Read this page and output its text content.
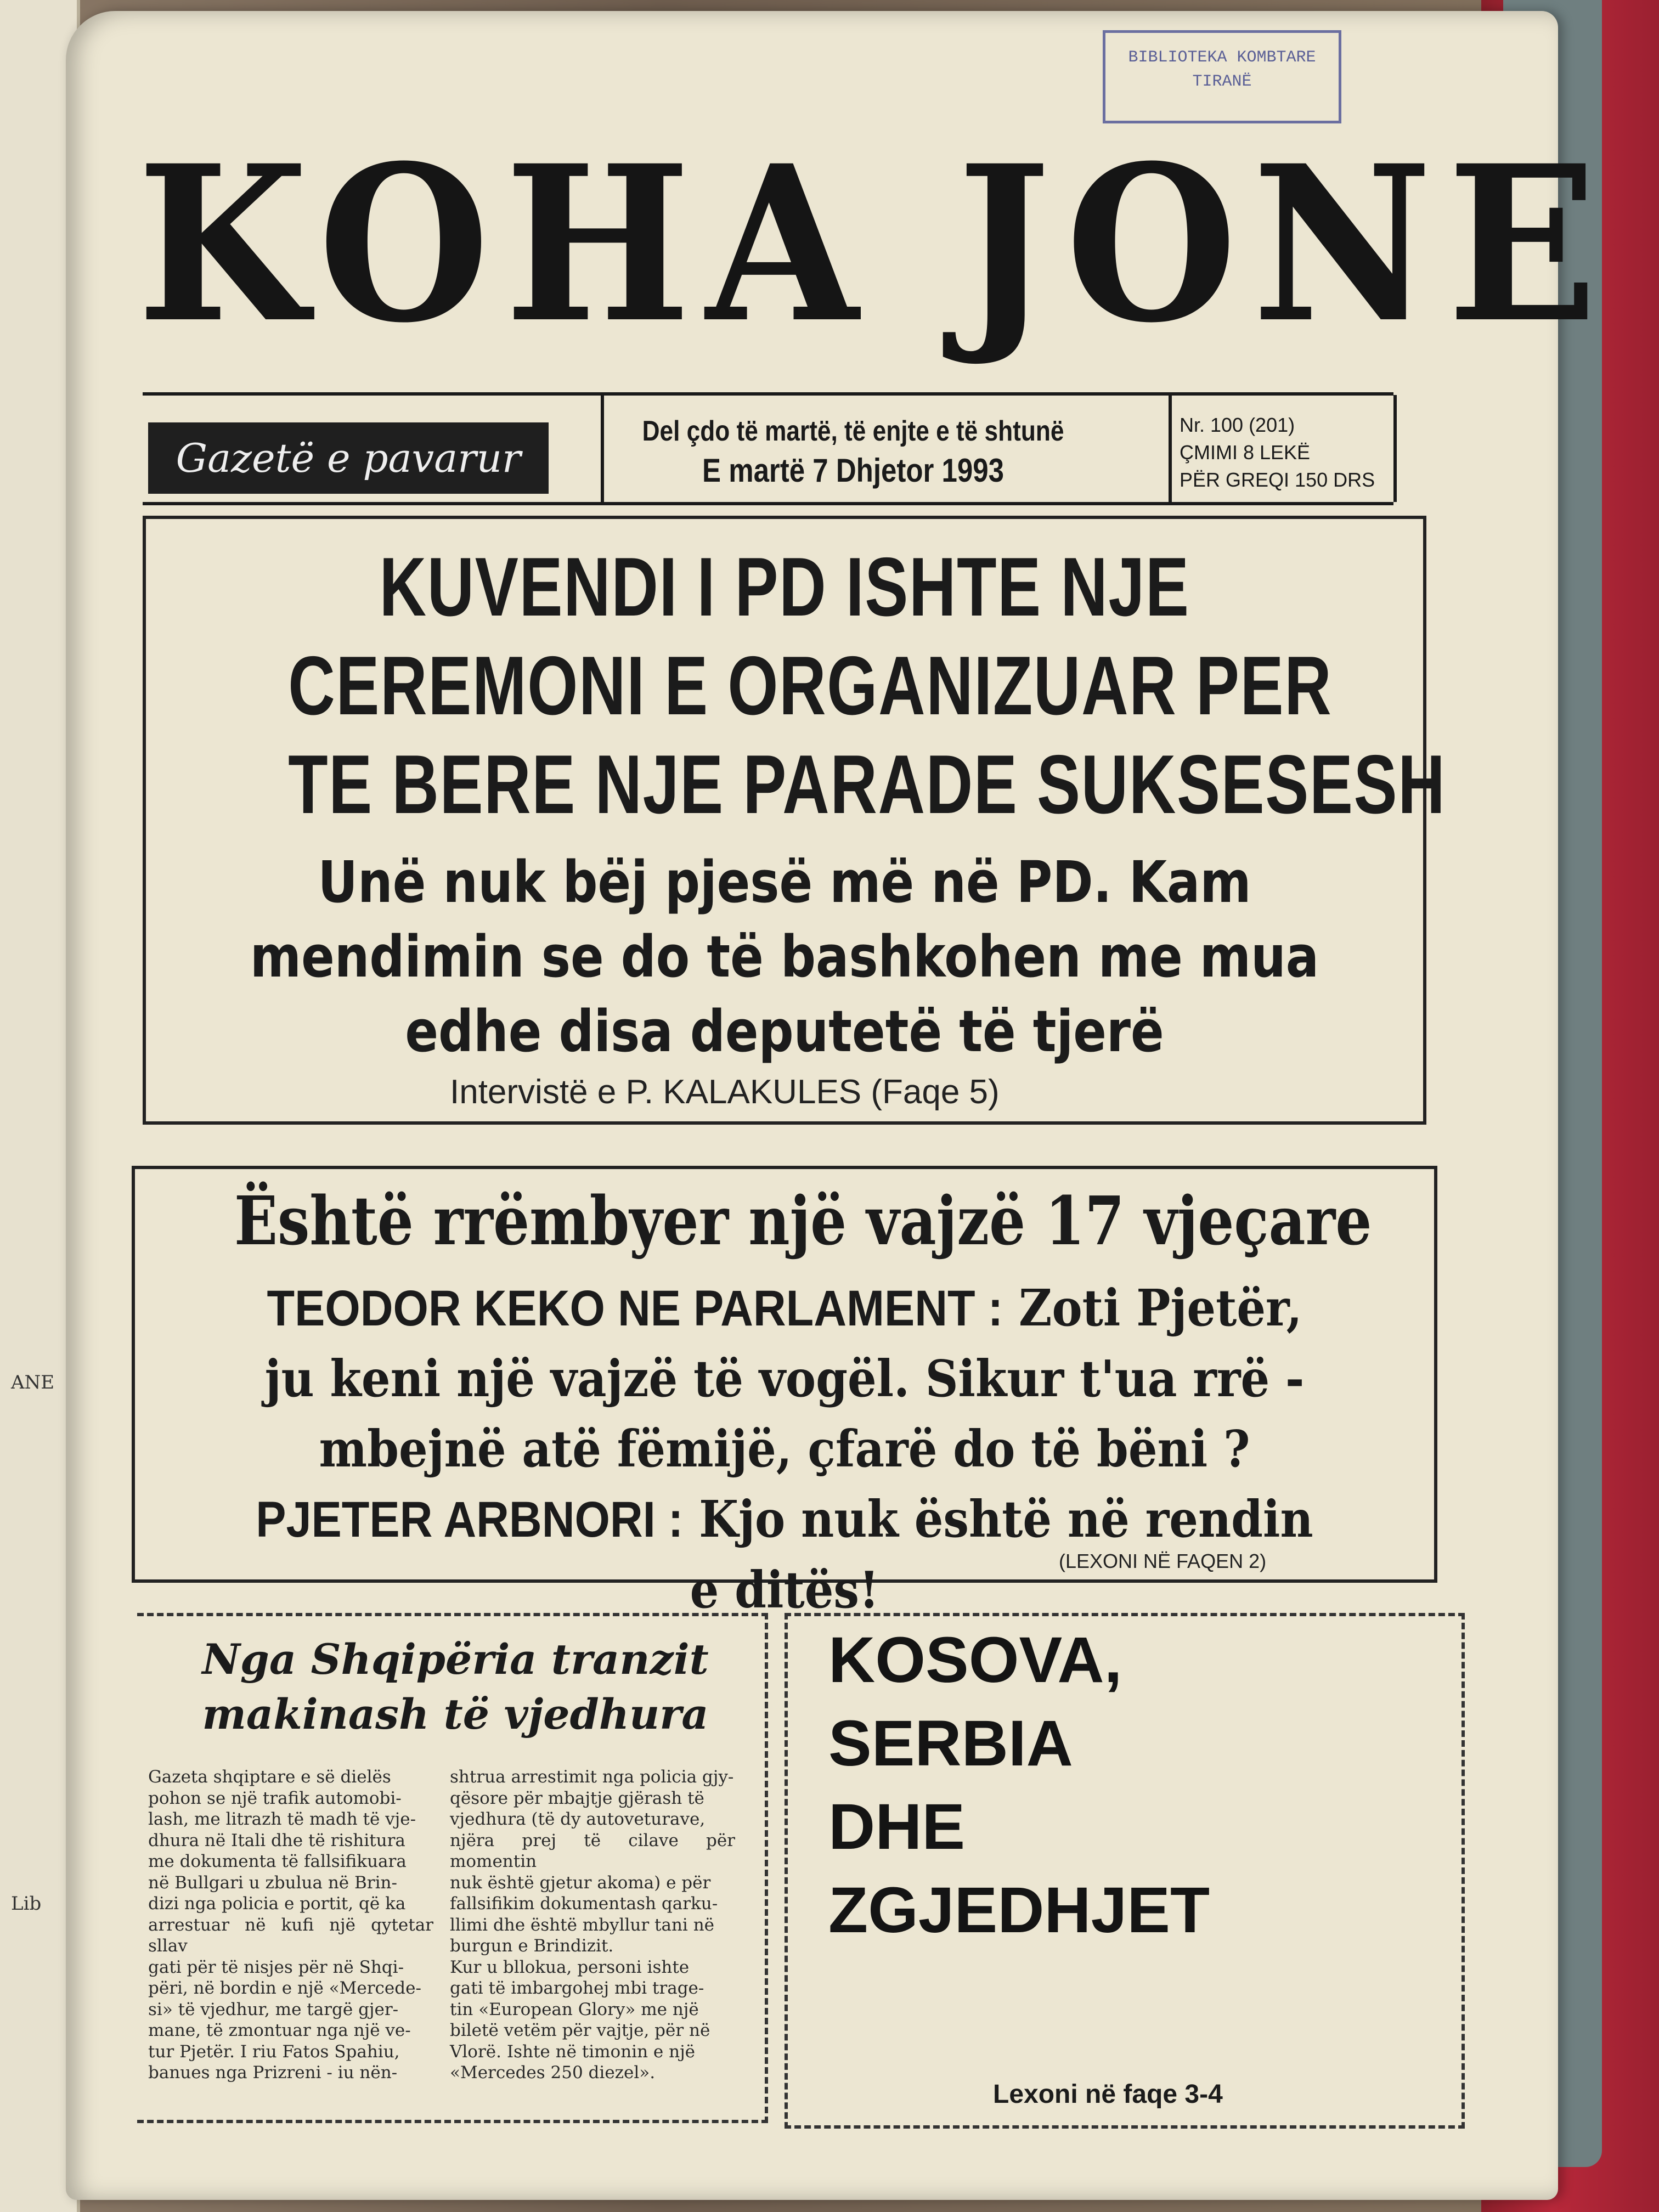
ANE
Lib
BIBLIOTEKA KOMBTARE
TIRANË
KOHA JONE
Gazetë e pavarur
Del çdo të martë, të enjte e të shtunë
E martë 7 Dhjetor 1993
Nr. 100 (201)
ÇMIMI 8 LEKË
PËR GREQI 150 DRS
KUVENDI I PD ISHTE NJE
CEREMONI E ORGANIZUAR PER
TE BERE NJE PARADE SUKSESESH
Unë nuk bëj pjesë më në PD. Kam
mendimin se do të bashkohen me mua
edhe disa deputetë të tjerë
Intervistë e P. KALAKULES (Faqe 5)
Është rrëmbyer një vajzë 17 vjeçare
TEODOR KEKO NE PARLAMENT : Zoti Pjetër,
ju keni një vajzë të vogël. Sikur t'ua rrë -
mbejnë atë fëmijë, çfarë do të bëni ?
PJETER ARBNORI : Kjo nuk është në rendin
e ditës!	(LEXONI NË FAQEN 2)
Nga Shqipëria tranzit
makinash të vjedhura
Gazeta shqiptare e së dielës
pohon se një trafik automobi-
lash, me litrazh të madh të vje-
dhura në Itali dhe të rishitura
me dokumenta të fallsifikuara
në Bullgari u zbulua në Brin-
dizi nga policia e portit, që ka
arrestuar në kufi një qytetar sllav
gati për të nisjes për në Shqi-
përi, në bordin e një «Mercede-
si» të vjedhur, me targë gjer-
mane, të zmontuar nga një ve-
tur Pjetër. I riu Fatos Spahiu,
banues nga Prizreni - iu nën-
shtrua arrestimit nga policia gjy-
qësore për mbajtje gjërash të
vjedhura (të dy autoveturave,
njëra prej të cilave për momentin
nuk është gjetur akoma) e për
fallsifikim dokumentash qarku-
llimi dhe është mbyllur tani në
burgun e Brindizit.
Kur u bllokua, personi ishte
gati të imbargohej mbi trage-
tin «European Glory» me një
biletë vetëm për vajtje, për në
Vlorë. Ishte në timonin e një
«Mercedes 250 diezel».
KOSOVA,
SERBIA
DHE
ZGJEDHJET
Lexoni në faqe 3-4
